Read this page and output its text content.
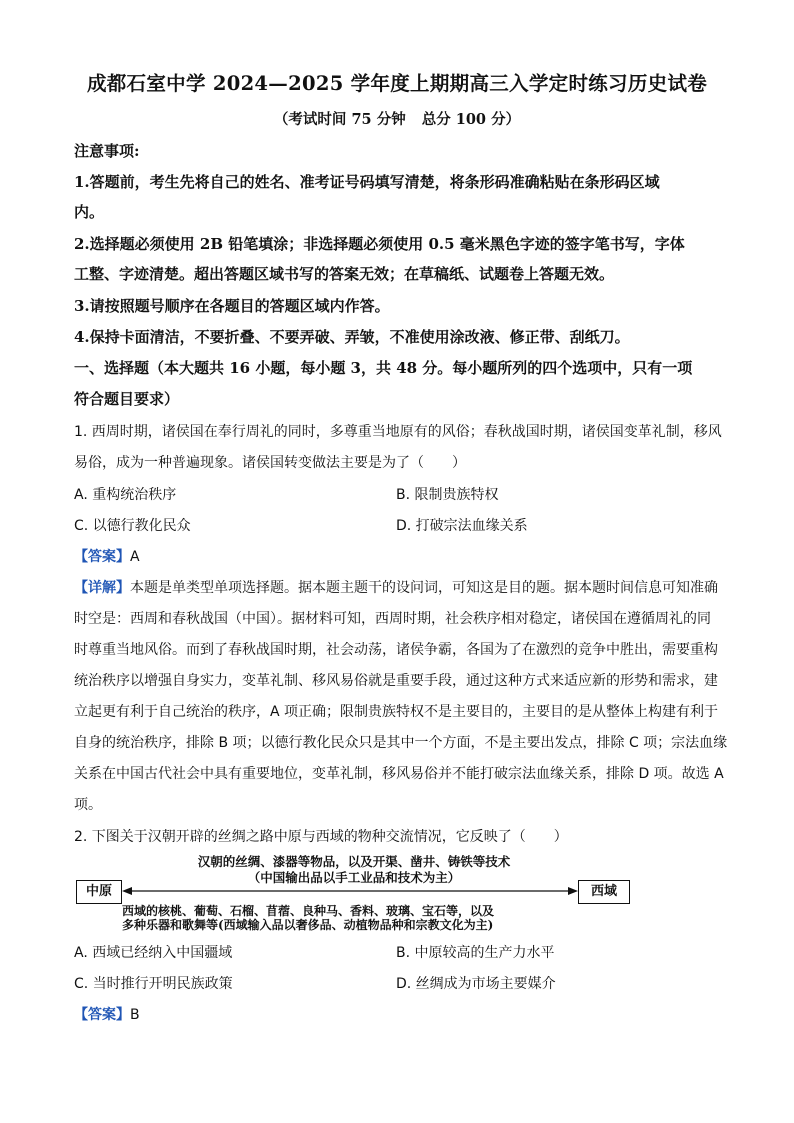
成都石室中学 2024—2025 学年度上期期高三入学定时练习历史试卷
（考试时间 75 分钟 总分 100 分）
注意事项:
1.答题前，考生先将自己的姓名、准考证号码填写清楚，将条形码准确粘贴在条形码区域
内。
2.选择题必须使用 2B 铅笔填涂；非选择题必须使用 0.5 毫米黑色字迹的签字笔书写，字体
工整、字迹清楚。超出答题区域书写的答案无效；在草稿纸、试题卷上答题无效。
3.请按照题号顺序在各题目的答题区域内作答。
4.保持卡面清洁，不要折叠、不要弄破、弄皱，不准使用涂改液、修正带、刮纸刀。
一、选择题（本大题共 16 小题，每小题 3，共 48 分。每小题所列的四个选项中，只有一项
符合题目要求）
1. 西周时期，诸侯国在奉行周礼的同时，多尊重当地原有的风俗；春秋战国时期，诸侯国变革礼制，移风
易俗，成为一种普遍现象。诸侯国转变做法主要是为了（　　）
A. 重构统治秩序	B. 限制贵族特权
C. 以德行教化民众	D. 打破宗法血缘关系
【答案】A
【详解】本题是单类型单项选择题。据本题主题干的设问词，可知这是目的题。据本题时间信息可知准确
时空是：西周和春秋战国（中国）。据材料可知，西周时期，社会秩序相对稳定，诸侯国在遵循周礼的同
时尊重当地风俗。而到了春秋战国时期，社会动荡，诸侯争霸，各国为了在激烈的竞争中胜出，需要重构
统治秩序以增强自身实力，变革礼制、移风易俗就是重要手段，通过这种方式来适应新的形势和需求，建
立起更有利于自己统治的秩序，A 项正确；限制贵族特权不是主要目的，主要目的是从整体上构建有利于
自身的统治秩序，排除 B 项；以德行教化民众只是其中一个方面，不是主要出发点，排除 C 项；宗法血缘
关系在中国古代社会中具有重要地位，变革礼制，移风易俗并不能打破宗法血缘关系，排除 D 项。故选 A
项。
2. 下图关于汉朝开辟的丝绸之路中原与西域的物种交流情况，它反映了（　　）
汉朝的丝绸、漆器等物品，以及开渠、凿井、铸铁等技术
（中国输出品以手工业品和技术为主）
中原	西域
西域的核桃、葡萄、石榴、苜蓿、良种马、香料、玻璃、宝石等，以及
多种乐器和歌舞等(西域输入品以奢侈品、动植物品种和宗教文化为主)
A. 西域已经纳入中国疆域	B. 中原较高的生产力水平
C. 当时推行开明民族政策	D. 丝绸成为市场主要媒介
【答案】B
